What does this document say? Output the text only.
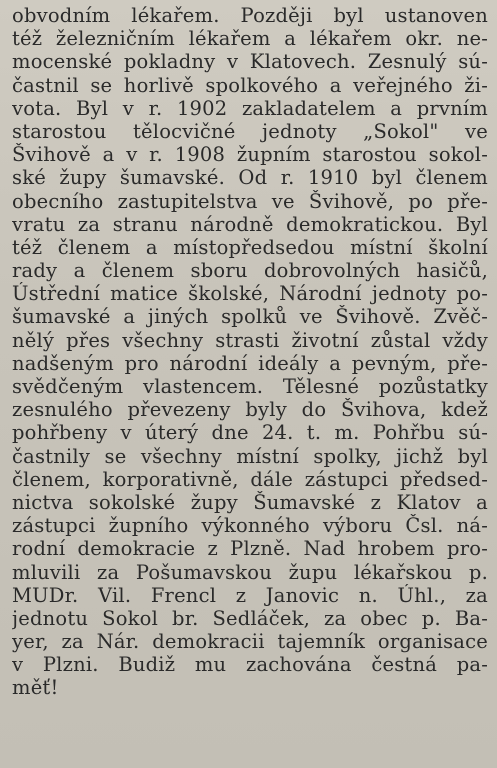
obvodním lékařem. Později byl ustanoven
též železničním lékařem a lékařem okr. ne-
mocenské pokladny v Klatovech. Zesnulý sú-
častnil se horlivě spolkového a veřejného ži-
vota. Byl v r. 1902 zakladatelem a prvním
starostou tělocvičné jednoty „Sokol" ve
Švihově a v r. 1908 župním starostou sokol-
ské župy šumavské. Od r. 1910 byl členem
obecního zastupitelstva ve Švihově, po pře-
vratu za stranu národně demokratickou. Byl
též členem a místopředsedou místní školní
rady a členem sboru dobrovolných hasičů,
Ústřední matice školské, Národní jednoty po-
šumavské a jiných spolků ve Švihově. Zvěč-
nělý přes všechny strasti životní zůstal vždy
nadšeným pro národní ideály a pevným, pře-
svědčeným vlastencem. Tělesné pozůstatky
zesnulého převezeny byly do Švihova, kdež
pohřbeny v úterý dne 24. t. m. Pohřbu sú-
častnily se všechny místní spolky, jichž byl
členem, korporativně, dále zástupci předsed-
nictva sokolské župy Šumavské z Klatov a
zástupci župního výkonného výboru Čsl. ná-
rodní demokracie z Plzně. Nad hrobem pro-
mluvili za Pošumavskou župu lékařskou p.
MUDr. Vil. Frencl z Janovic n. Úhl., za
jednotu Sokol br. Sedláček, za obec p. Ba-
yer, za Nár. demokracii tajemník organisace
v Plzni. Budiž mu zachována čestná pa-
měť!
